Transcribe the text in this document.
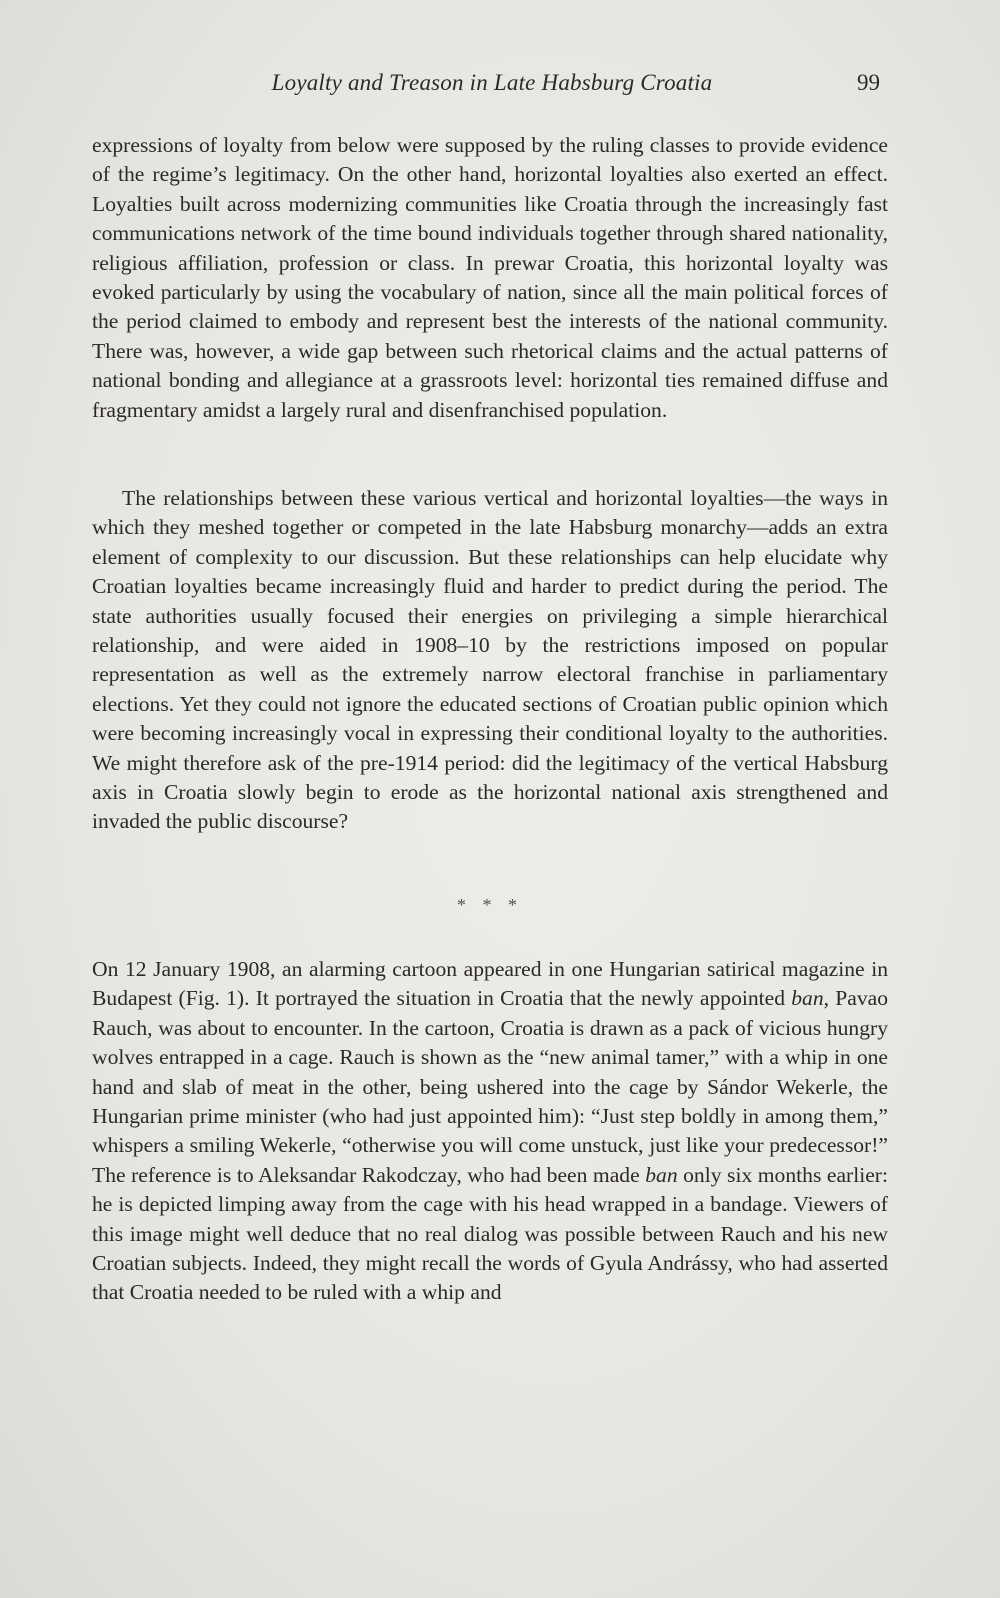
Loyalty and Treason in Late Habsburg Croatia	99

expressions of loyalty from below were supposed by the ruling classes to provide evidence of the regime’s legitimacy. On the other hand, horizontal loyalties also exerted an effect. Loyalties built across modernizing communities like Croatia through the increasingly fast communications network of the time bound individuals together through shared nationality, religious affiliation, profession or class. In prewar Croatia, this horizontal loyalty was evoked particularly by using the vocabulary of nation, since all the main political forces of the period claimed to embody and represent best the interests of the national community. There was, however, a wide gap between such rhetorical claims and the actual patterns of national bonding and allegiance at a grassroots level: horizontal ties remained diffuse and fragmentary amidst a largely rural and disenfranchised population.

The relationships between these various vertical and horizontal loyalties—the ways in which they meshed together or competed in the late Habsburg monarchy—adds an extra element of complexity to our discussion. But these relationships can help elucidate why Croatian loyalties became increasingly fluid and harder to predict during the period. The state authorities usually focused their energies on privileging a simple hierarchical relationship, and were aided in 1908–10 by the restrictions imposed on popular representation as well as the extremely narrow electoral franchise in parliamentary elections. Yet they could not ignore the educated sections of Croatian public opinion which were becoming increasingly vocal in expressing their conditional loyalty to the authorities. We might therefore ask of the pre-1914 period: did the legitimacy of the vertical Habsburg axis in Croatia slowly begin to erode as the horizontal national axis strengthened and invaded the public discourse?

* * *

On 12 January 1908, an alarming cartoon appeared in one Hungarian satirical magazine in Budapest (Fig. 1). It portrayed the situation in Croatia that the newly appointed ban, Pavao Rauch, was about to encounter. In the cartoon, Croatia is drawn as a pack of vicious hungry wolves entrapped in a cage. Rauch is shown as the “new animal tamer,” with a whip in one hand and slab of meat in the other, being ushered into the cage by Sándor Wekerle, the Hungarian prime minister (who had just appointed him): “Just step boldly in among them,” whispers a smiling Wekerle, “otherwise you will come unstuck, just like your predecessor!” The reference is to Aleksandar Rakodczay, who had been made ban only six months earlier: he is depicted limping away from the cage with his head wrapped in a bandage. Viewers of this image might well deduce that no real dialog was possible between Rauch and his new Croatian subjects. Indeed, they might recall the words of Gyula Andrássy, who had asserted that Croatia needed to be ruled with a whip and
